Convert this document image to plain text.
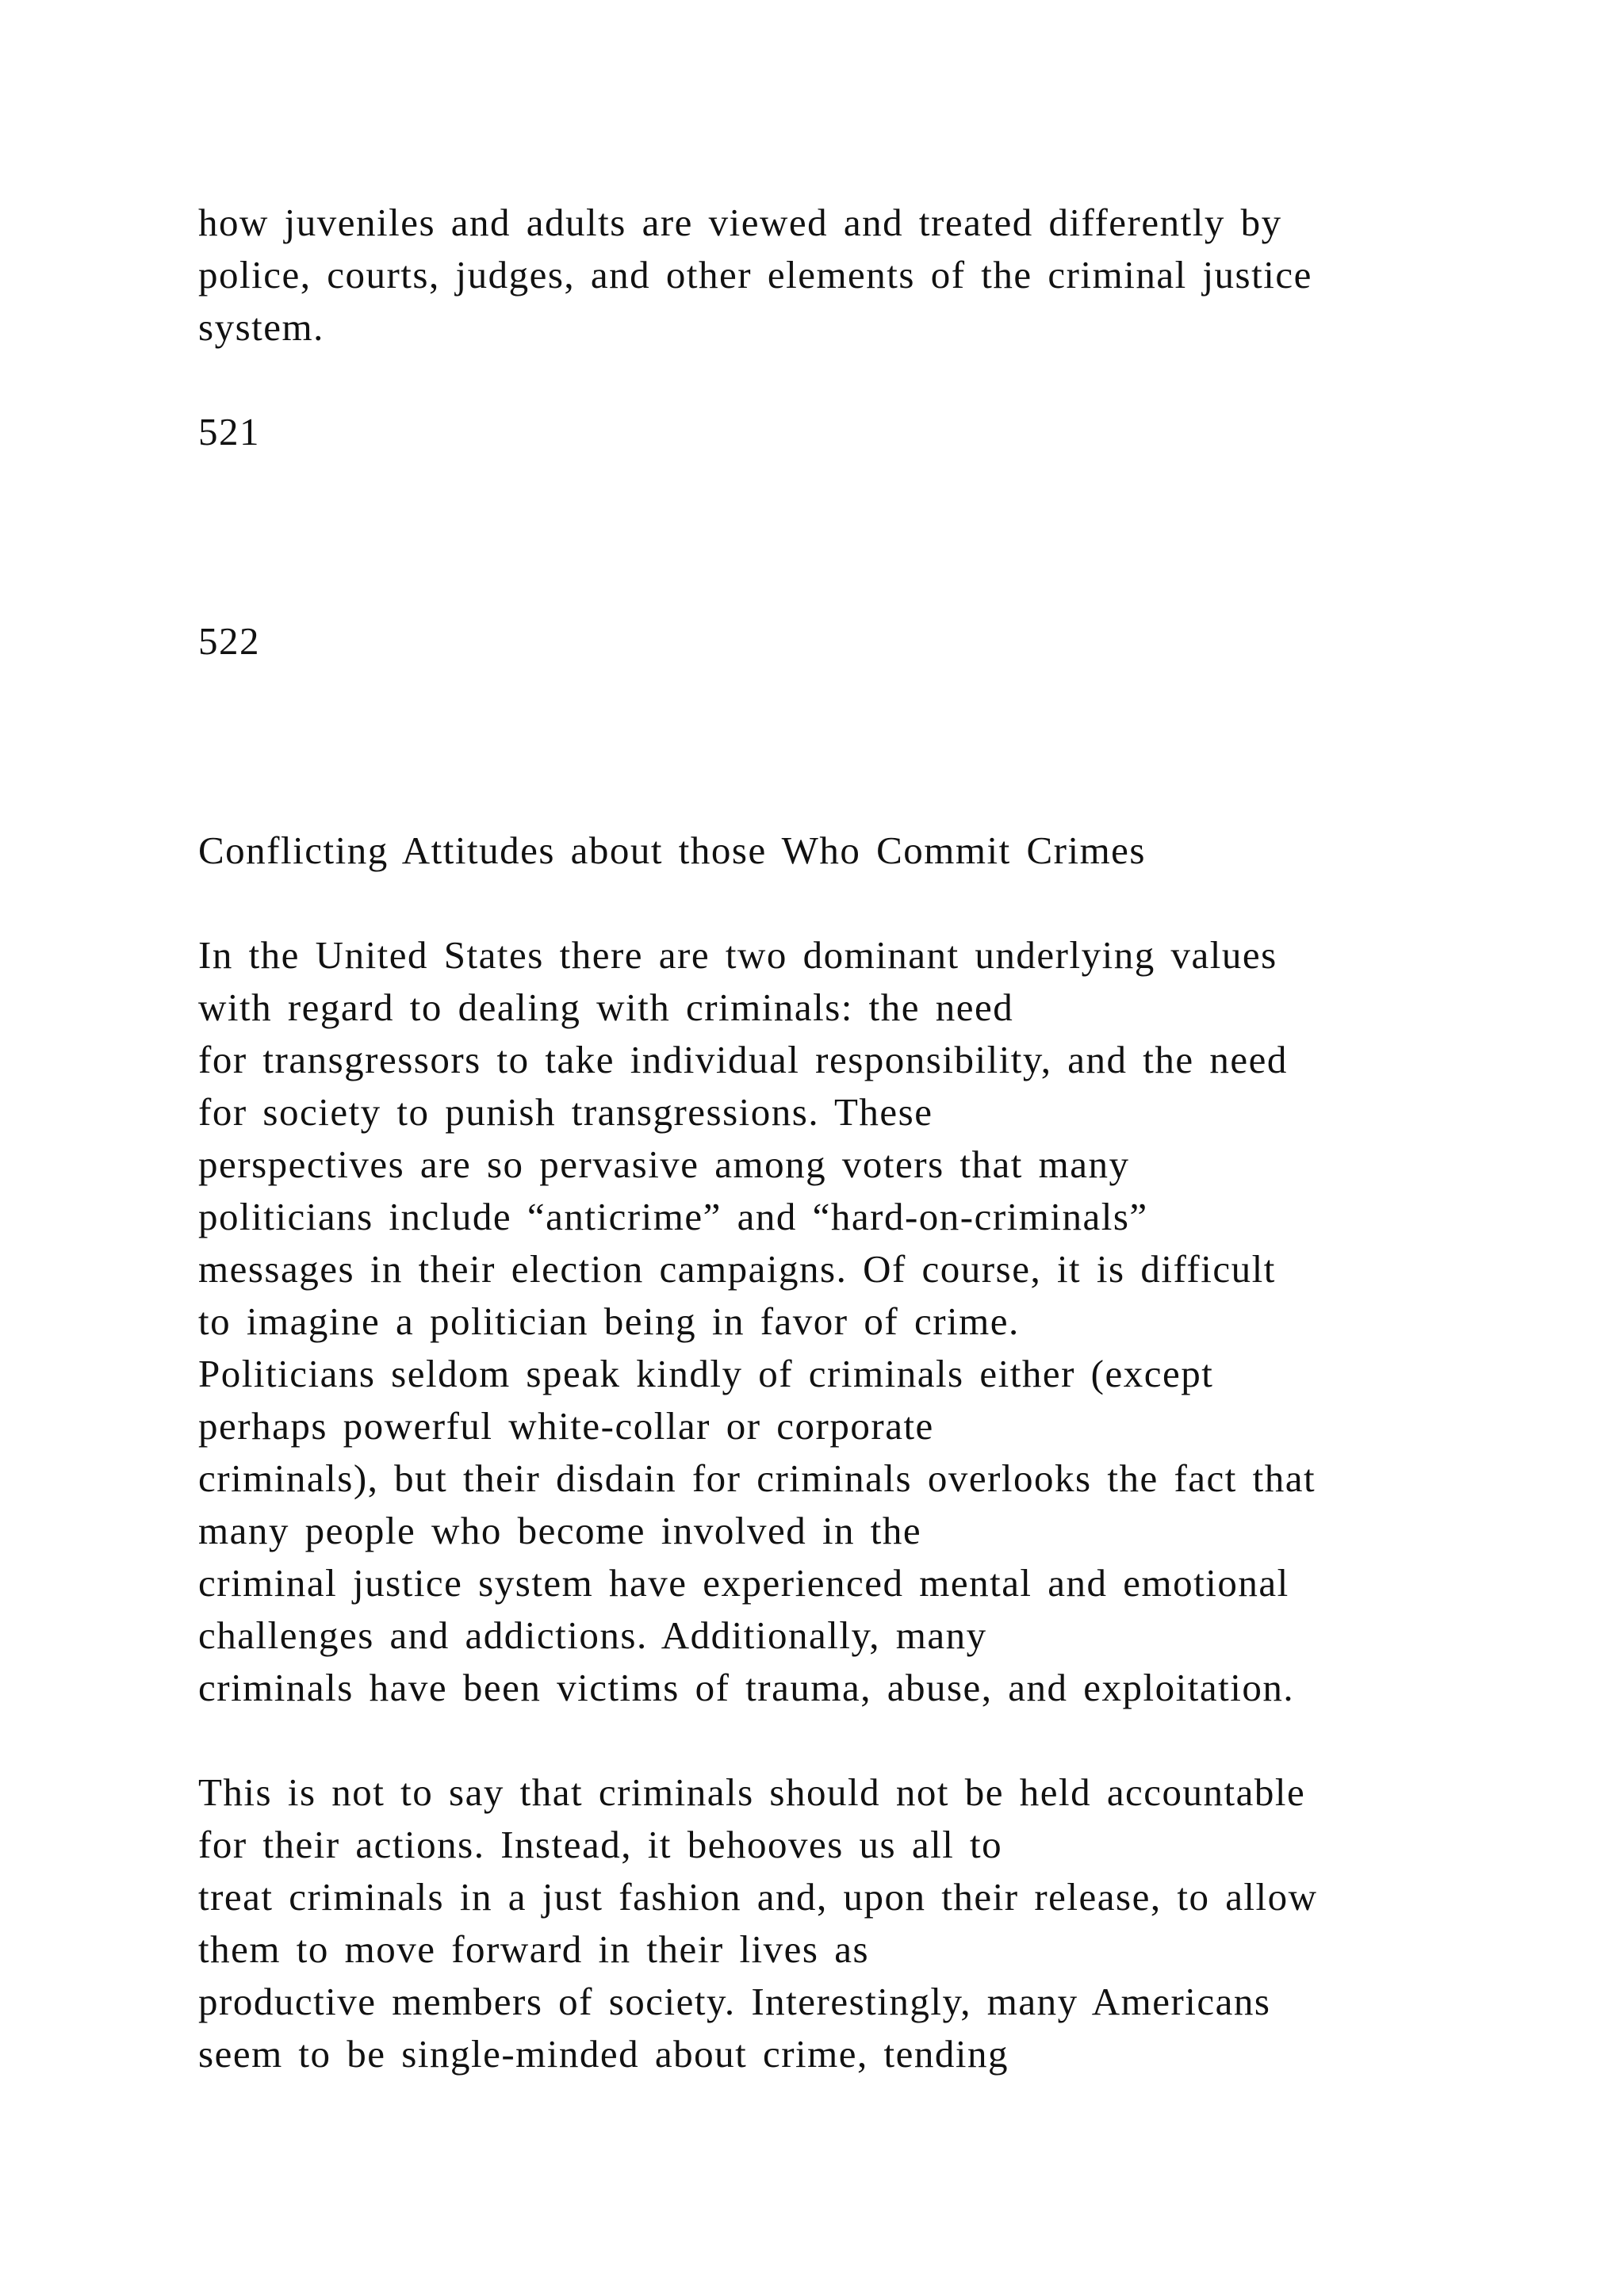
how juveniles and adults are viewed and treated differently by

police, courts, judges, and other elements of the criminal justice

system.

521

522

Conflicting Attitudes about those Who Commit Crimes

In the United States there are two dominant underlying values

with regard to dealing with criminals: the need

for transgressors to take individual responsibility, and the need

for society to punish transgressions. These

perspectives are so pervasive among voters that many

politicians include “anticrime” and “hard-on-criminals”

messages in their election campaigns. Of course, it is difficult

to imagine a politician being in favor of crime.

Politicians seldom speak kindly of criminals either (except

perhaps powerful white-collar or corporate

criminals), but their disdain for criminals overlooks the fact that

many people who become involved in the

criminal justice system have experienced mental and emotional

challenges and addictions. Additionally, many

criminals have been victims of trauma, abuse, and exploitation.

This is not to say that criminals should not be held accountable

for their actions. Instead, it behooves us all to

treat criminals in a just fashion and, upon their release, to allow

them to move forward in their lives as

productive members of society. Interestingly, many Americans

seem to be single-minded about crime, tending
